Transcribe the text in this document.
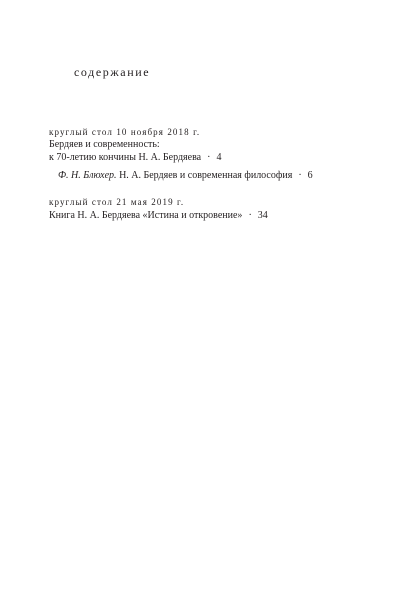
содержание
круглый стол 10 ноября 2018 г.
Бердяев и современность:
к 70-летию кончины Н. А. Бердяева · 4
Ф. Н. Блюхер. Н. А. Бердяев и современная философия · 6
круглый стол 21 мая 2019 г.
Книга Н. А. Бердяева «Истина и откровение» · 34
